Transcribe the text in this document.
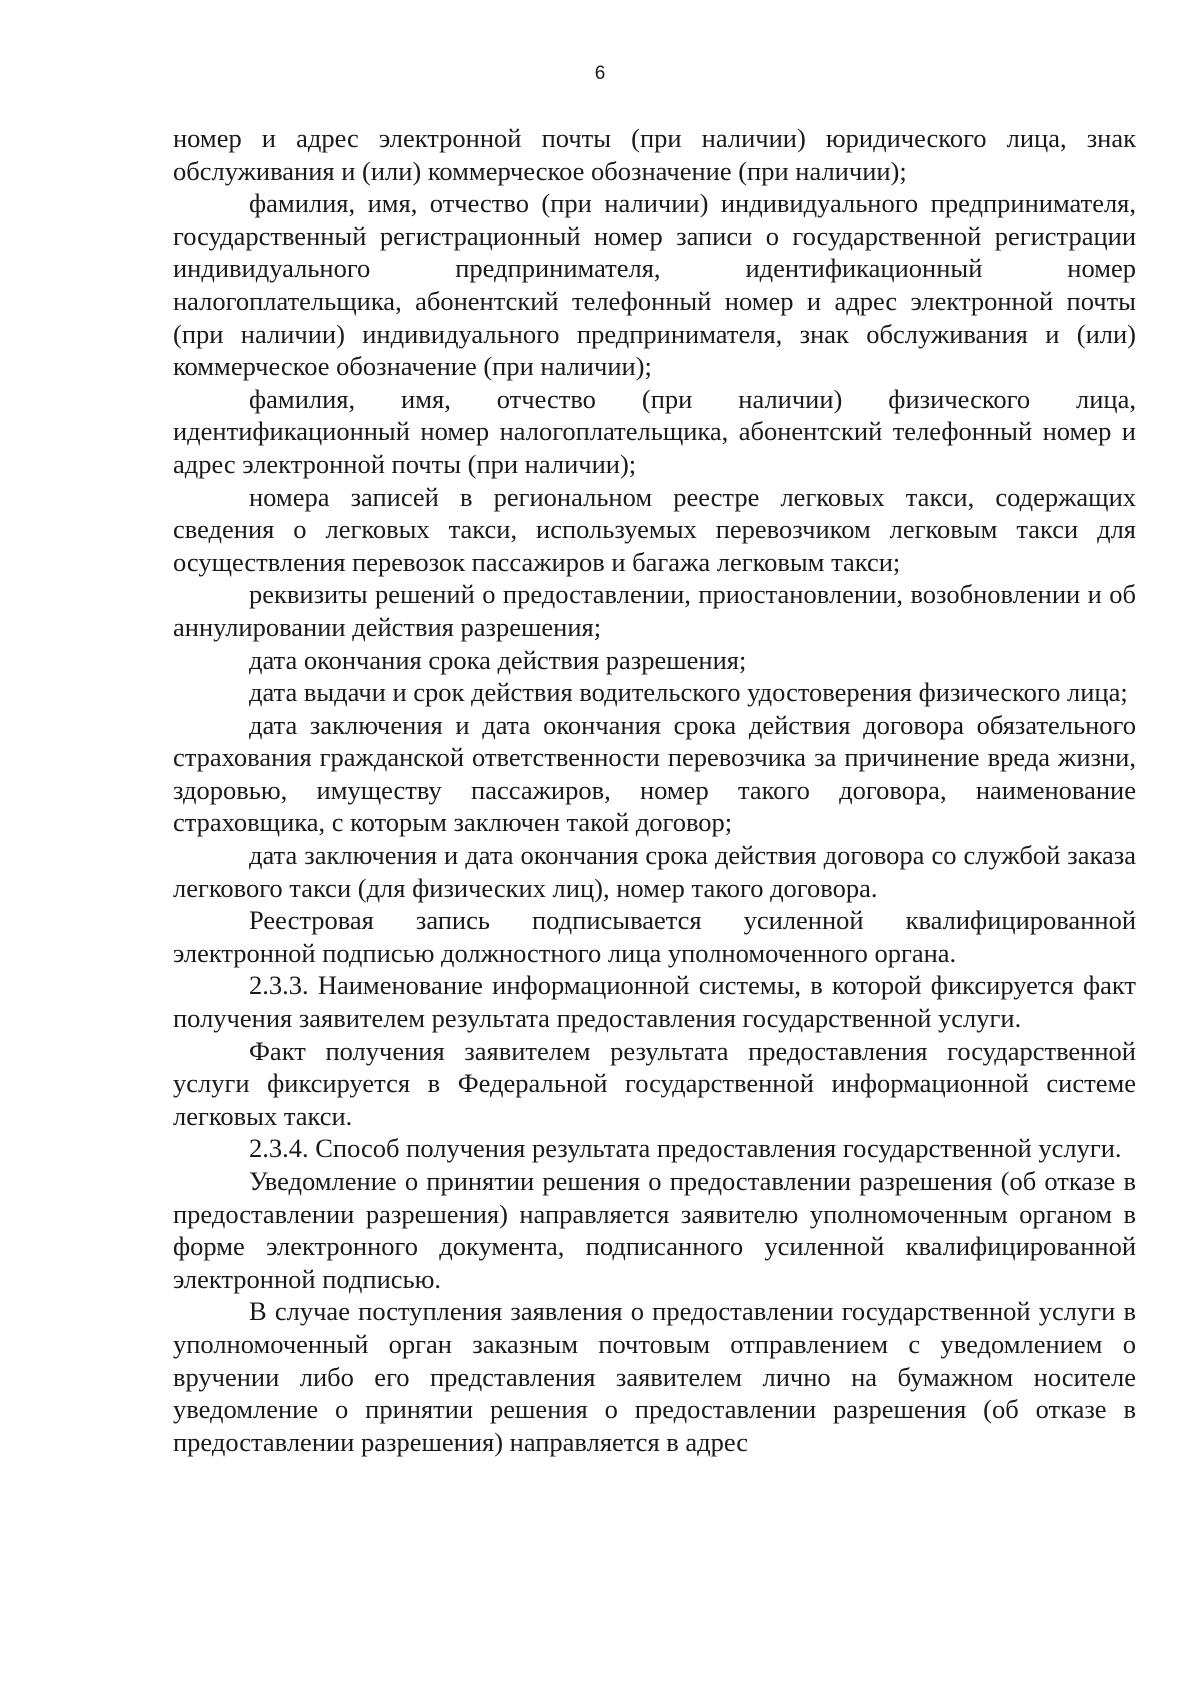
6

номер и адрес электронной почты (при наличии) юридического лица, знак обслуживания и (или) коммерческое обозначение (при наличии);

фамилия, имя, отчество (при наличии) индивидуального предпринимателя, государственный регистрационный номер записи о государственной регистрации индивидуального предпринимателя, идентификационный номер налогоплательщика, абонентский телефонный номер и адрес электронной почты (при наличии) индивидуального предпринимателя, знак обслуживания и (или) коммерческое обозначение (при наличии);

фамилия, имя, отчество (при наличии) физического лица, идентификационный номер налогоплательщика, абонентский телефонный номер и адрес электронной почты (при наличии);

номера записей в региональном реестре легковых такси, содержащих сведения о легковых такси, используемых перевозчиком легковым такси для осуществления перевозок пассажиров и багажа легковым такси;

реквизиты решений о предоставлении, приостановлении, возобновлении и об аннулировании действия разрешения;

дата окончания срока действия разрешения;

дата выдачи и срок действия водительского удостоверения физического лица;

дата заключения и дата окончания срока действия договора обязательного страхования гражданской ответственности перевозчика за причинение вреда жизни, здоровью, имуществу пассажиров, номер такого договора, наименование страховщика, с которым заключен такой договор;

дата заключения и дата окончания срока действия договора со службой заказа легкового такси (для физических лиц), номер такого договора.

Реестровая запись подписывается усиленной квалифицированной электронной подписью должностного лица уполномоченного органа.

2.3.3. Наименование информационной системы, в которой фиксируется факт получения заявителем результата предоставления государственной услуги.

Факт получения заявителем результата предоставления государственной услуги фиксируется в Федеральной государственной информационной системе легковых такси.

2.3.4. Способ получения результата предоставления государственной услуги.

Уведомление о принятии решения о предоставлении разрешения (об отказе в предоставлении разрешения) направляется заявителю уполномоченным органом в форме электронного документа, подписанного усиленной квалифицированной электронной подписью.

В случае поступления заявления о предоставлении государственной услуги в уполномоченный орган заказным почтовым отправлением с уведомлением о вручении либо его представления заявителем лично на бумажном носителе уведомление о принятии решения о предоставлении разрешения (об отказе в предоставлении разрешения) направляется в адрес
